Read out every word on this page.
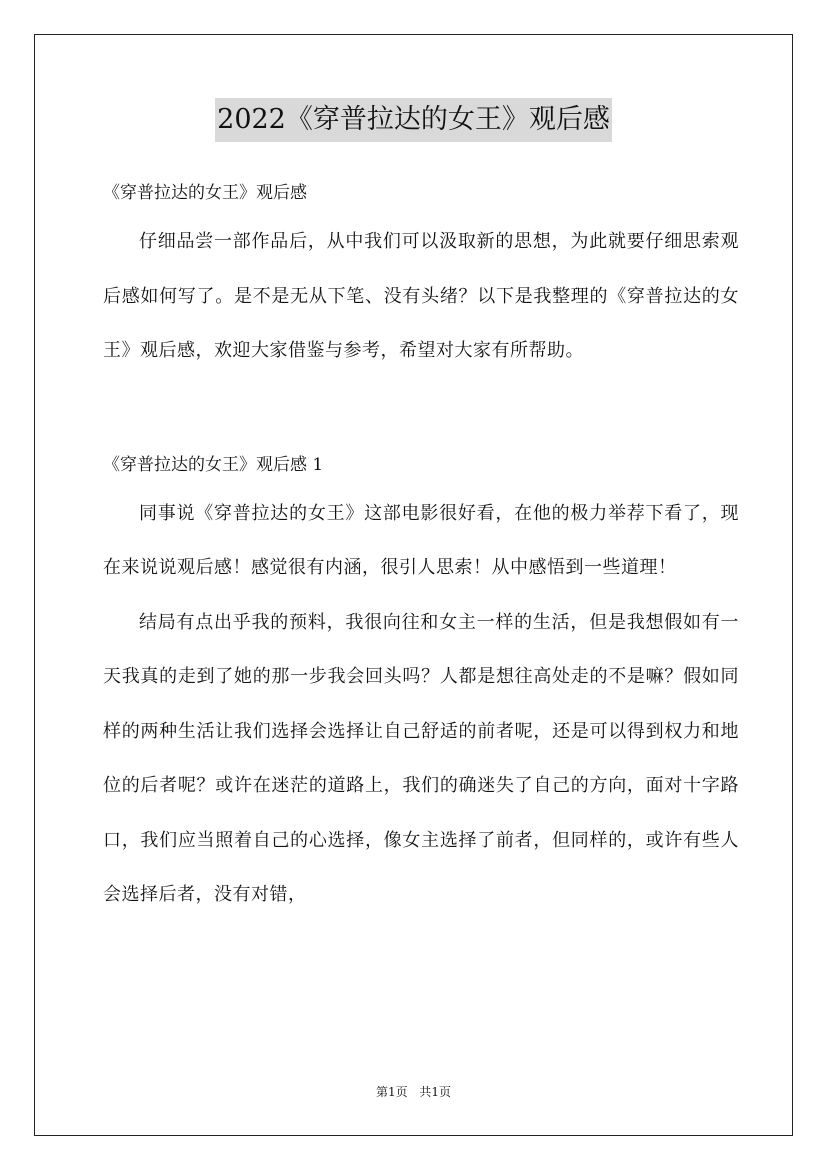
2022《穿普拉达的女王》观后感

《穿普拉达的女王》观后感

仔细品尝一部作品后，从中我们可以汲取新的思想，为此就要仔细思索观后感如何写了。是不是无从下笔、没有头绪？以下是我整理的《穿普拉达的女王》观后感，欢迎大家借鉴与参考，希望对大家有所帮助。

《穿普拉达的女王》观后感 1

同事说《穿普拉达的女王》这部电影很好看，在他的极力举荐下看了，现在来说说观后感！感觉很有内涵，很引人思索！从中感悟到一些道理！

结局有点出乎我的预料，我很向往和女主一样的生活，但是我想假如有一天我真的走到了她的那一步我会回头吗？人都是想往高处走的不是嘛？假如同样的两种生活让我们选择会选择让自己舒适的前者呢，还是可以得到权力和地位的后者呢？或许在迷茫的道路上，我们的确迷失了自己的方向，面对十字路口，我们应当照着自己的心选择，像女主选择了前者，但同样的，或许有些人会选择后者，没有对错，

第1页 共1页
